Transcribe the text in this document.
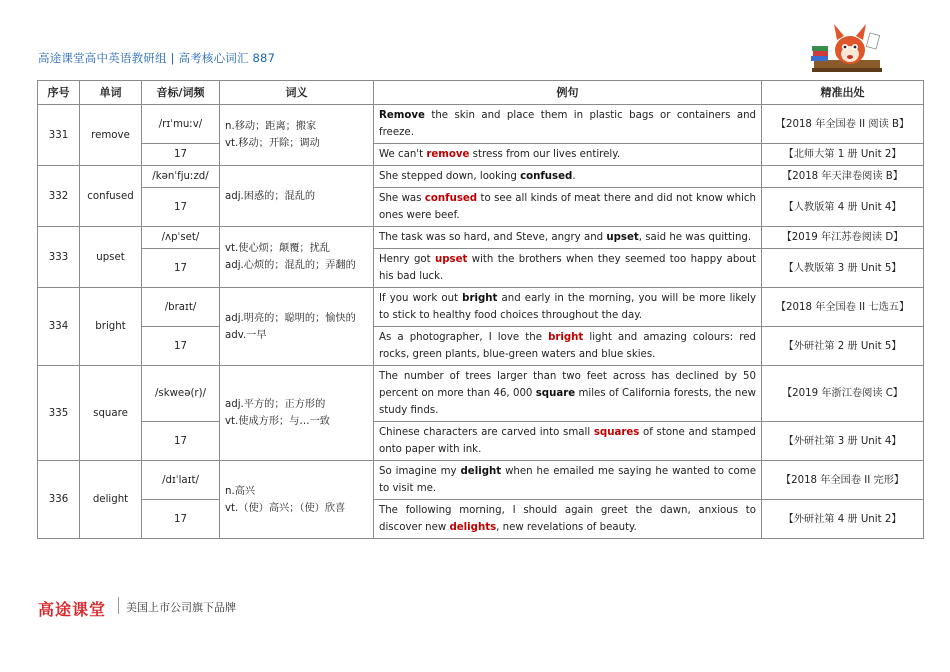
高途课堂高中英语教研组 | 高考核心词汇 887
序号	单词	音标/词频	词义	例句	精准出处
331	remove	/rɪˈmuːv/	n.移动；距离；搬家
vt.移动；开除；调动	Remove the skin and place them in plastic bags or containers and freeze.	【2018 年全国卷 II 阅读 B】
		17		We can't remove stress from our lives entirely.	【北师大第 1 册 Unit 2】
332	confused	/kənˈfjuːzd/	adj.困惑的；混乱的	She stepped down, looking confused.	【2018 年天津卷阅读 B】
		17		She was confused to see all kinds of meat there and did not know which ones were beef.	【人教版第 4 册 Unit 4】
333	upset	/ʌpˈset/	vt.使心烦；颠覆；扰乱
adj.心烦的；混乱的；弄翻的	The task was so hard, and Steve, angry and upset, said he was quitting.	【2019 年江苏卷阅读 D】
		17		Henry got upset with the brothers when they seemed too happy about his bad luck.	【人教版第 3 册 Unit 5】
334	bright	/braɪt/	adj.明亮的；聪明的；愉快的
adv.一早	If you work out bright and early in the morning, you will be more likely to stick to healthy food choices throughout the day.	【2018 年全国卷 II 七选五】
		17		As a photographer, I love the bright light and amazing colours: red rocks, green plants, blue-green waters and blue skies.	【外研社第 2 册 Unit 5】
335	square	/skweə(r)/	adj.平方的；正方形的
vt.使成方形；与…一致	The number of trees larger than two feet across has declined by 50 percent on more than 46, 000 square miles of California forests, the new study finds.	【2019 年浙江卷阅读 C】
		17		Chinese characters are carved into small squares of stone and stamped onto paper with ink.	【外研社第 3 册 Unit 4】
336	delight	/dɪˈlaɪt/	n.高兴
vt.（使）高兴；（使）欣喜	So imagine my delight when he emailed me saying he wanted to come to visit me.	【2018 年全国卷 II 完形】
		17		The following morning, I should again greet the dawn, anxious to discover new delights, new revelations of beauty.	【外研社第 4 册 Unit 2】
高途课堂 美国上市公司旗下品牌
